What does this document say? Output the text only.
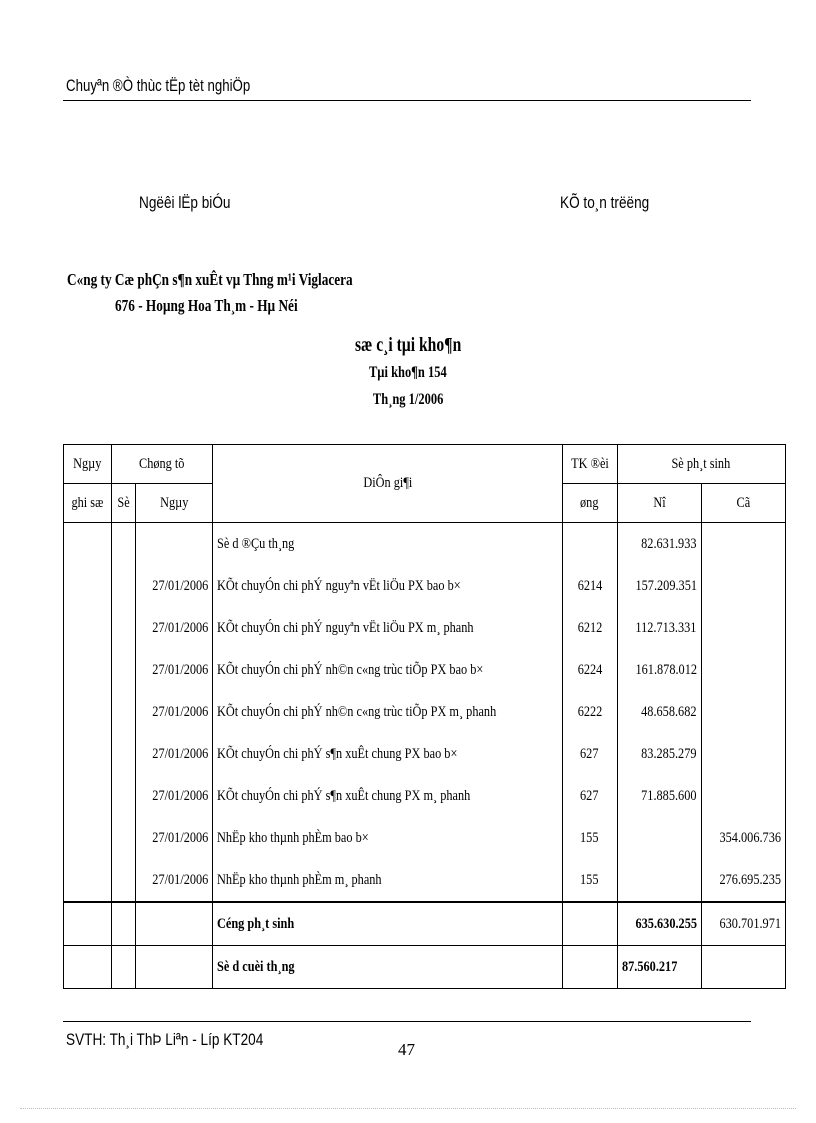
Chuyªn ®Ò thùc tËp tèt nghiÖp
Ngëêi lËp biÓu	KÕ to¸n trëëng
C«ng ty Cæ phÇn s¶n xuÊt vµ Thng m¹i Viglacera
676 - Hoµng Hoa Th¸m - Hµ Néi
sæ c¸i tµi kho¶n
Tµi kho¶n 154
Th¸ng 1/2006
Ngµy	Chøng tõ		DiÔn gi¶i	TK ®èi	Sè ph¸t sinh	
ghi sæ	Sè	Ngµy		øng	Nî	Cã
			Sè d ®Çu th¸ng		82.631.933	
		27/01/2006	KÕt chuyÓn chi phÝ nguyªn vËt liÖu PX bao b×	6214	157.209.351	
		27/01/2006	KÕt chuyÓn chi phÝ nguyªn vËt liÖu PX m¸ phanh	6212	112.713.331	
		27/01/2006	KÕt chuyÓn chi phÝ nh©n c«ng trùc tiÕp PX bao b×	6224	161.878.012	
		27/01/2006	KÕt chuyÓn chi phÝ nh©n c«ng trùc tiÕp PX m¸ phanh	6222	48.658.682	
		27/01/2006	KÕt chuyÓn chi phÝ s¶n xuÊt chung PX bao b×	627	83.285.279	
		27/01/2006	KÕt chuyÓn chi phÝ s¶n xuÊt chung PX m¸ phanh	627	71.885.600	
		27/01/2006	NhËp kho thµnh phÈm bao b×	155		354.006.736
		27/01/2006	NhËp kho thµnh phÈm m¸ phanh	155		276.695.235
			Céng ph¸t sinh		635.630.255	630.701.971
			Sè d cuèi th¸ng		87.560.217	
SVTH: Th¸i ThÞ Liªn - Líp KT204
47
